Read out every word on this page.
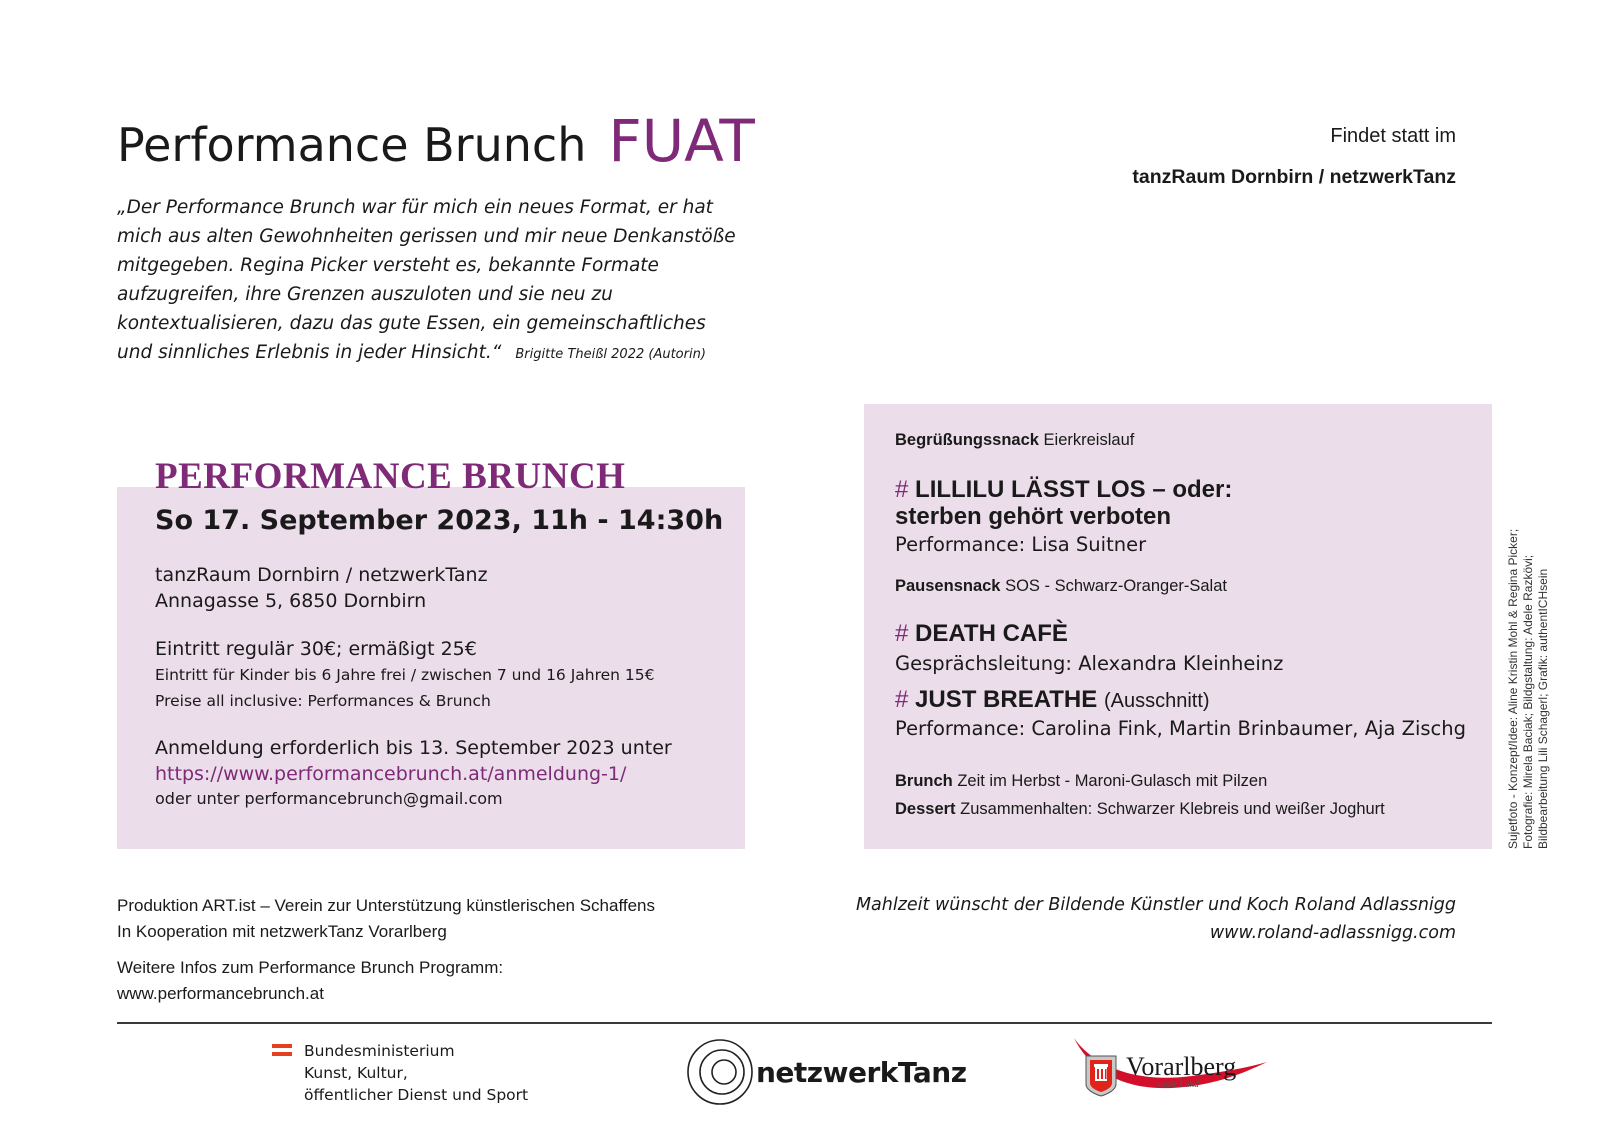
Performance Brunch FUAT
„Der Performance Brunch war für mich ein neues Format, er hat mich aus alten Gewohnheiten gerissen und mir neue Denkanstöße mitgegeben. Regina Picker versteht es, bekannte Formate aufzugreifen, ihre Grenzen auszuloten und sie neu zu kontextualisieren, dazu das gute Essen, ein gemeinschaftliches und sinnliches Erlebnis in jeder Hinsicht.“ Brigitte Theißl 2022 (Autorin)
Findet statt im
tanzRaum Dornbirn / netzwerkTanz
PERFORMANCE BRUNCH
So 17. September 2023, 11h - 14:30h
tanzRaum Dornbirn / netzwerkTanz
Annagasse 5, 6850 Dornbirn
Eintritt regulär 30€; ermäßigt 25€
Eintritt für Kinder bis 6 Jahre frei / zwischen 7 und 16 Jahren 15€
Preise all inclusive: Performances & Brunch
Anmeldung erforderlich bis 13. September 2023 unter
https://www.performancebrunch.at/anmeldung-1/
oder unter performancebrunch@gmail.com
Begrüßungssnack Eierkreislauf
# LILLILU LÄSST LOS – oder:
sterben gehört verboten
Performance: Lisa Suitner
Pausensnack SOS - Schwarz-Oranger-Salat
# DEATH CAFÈ
Gesprächsleitung: Alexandra Kleinheinz
# JUST BREATHE (Ausschnitt)
Performance: Carolina Fink, Martin Brinbaumer, Aja Zischg
Brunch Zeit im Herbst - Maroni-Gulasch mit Pilzen
Dessert Zusammenhalten: Schwarzer Klebreis und weißer Joghurt	Sujetfoto - Konzept/Idee: Aline Kristin Mohl & Regina Picker; Fotografie: Mirela Baciak; Bildgstaltung: Adele Razkövi; Bildbearbeitung Lili Schagerl; Grafik: authentICHsein
Produktion ART.ist – Verein zur Unterstützung künstlerischen Schaffens
In Kooperation mit netzwerkTanz Vorarlberg
Weitere Infos zum Performance Brunch Programm:
www.performancebrunch.at
Mahlzeit wünscht der Bildende Künstler und Koch Roland Adlassnigg
www.roland-adlassnigg.com
Bundesministerium
Kunst, Kultur,
öffentlicher Dienst und Sport
netzwerkTanz	Vorarlberg
unser Land
